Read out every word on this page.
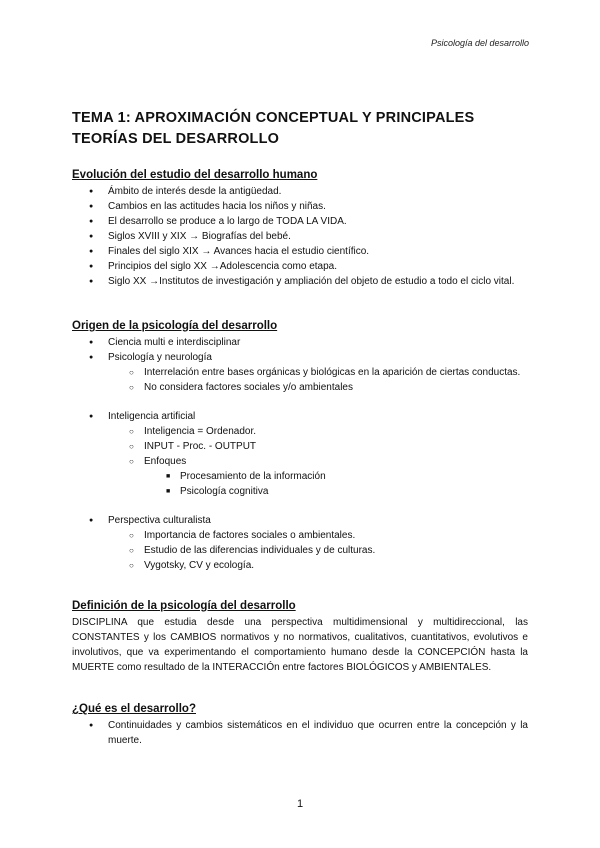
Psicología del desarrollo
TEMA 1: APROXIMACIÓN CONCEPTUAL Y PRINCIPALES TEORÍAS DEL DESARROLLO
Evolución del estudio del desarrollo humano
● Ámbito de interés desde la antigüedad.
● Cambios en las actitudes hacia los niños y niñas.
● El desarrollo se produce a lo largo de TODA LA VIDA.
● Siglos XVIII y XIX → Biografías del bebé.
● Finales del siglo XIX → Avances hacia el estudio científico.
● Principios del siglo XX →Adolescencia como etapa.
● Siglo XX →Institutos de investigación y ampliación del objeto de estudio a todo el ciclo vital.
Origen de la psicología del desarrollo
● Ciencia multi e interdisciplinar
● Psicología y neurología
○ Interrelación entre bases orgánicas y biológicas en la aparición de ciertas conductas.
○ No considera factores sociales y/o ambientales
● Inteligencia artificial
○ Inteligencia = Ordenador.
○ INPUT - Proc. - OUTPUT
○ Enfoques
■ Procesamiento de la información
■ Psicología cognitiva
● Perspectiva culturalista
○ Importancia de factores sociales o ambientales.
○ Estudio de las diferencias individuales y de culturas.
○ Vygotsky, CV y ecología.
Definición de la psicología del desarrollo
DISCIPLINA que estudia desde una perspectiva multidimensional y multidireccional, las CONSTANTES y los CAMBIOS normativos y no normativos, cualitativos, cuantitativos, evolutivos e involutivos, que va experimentando el comportamiento humano desde la CONCEPCIÓN hasta la MUERTE como resultado de la INTERACCIÓn entre factores BIOLÓGICOS y AMBIENTALES.
¿Qué es el desarrollo?
● Continuidades y cambios sistemáticos en el individuo que ocurren entre la concepción y la muerte.
1
